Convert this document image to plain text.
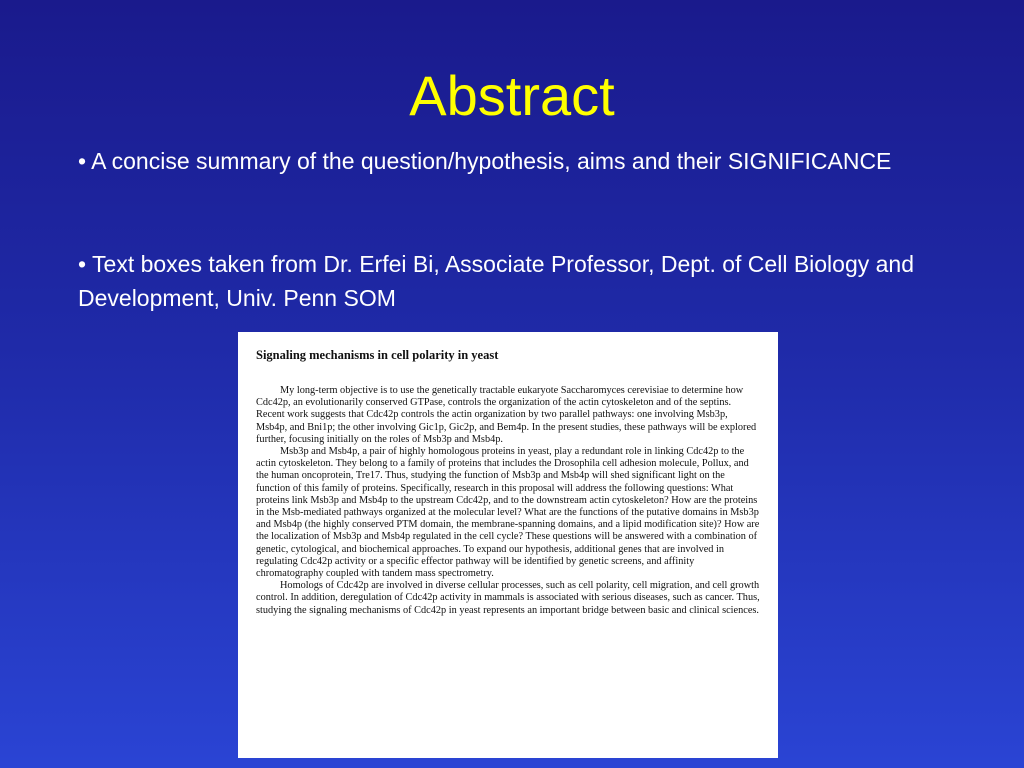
Abstract
• A concise summary of the question/hypothesis, aims and their SIGNIFICANCE
• Text boxes taken from Dr. Erfei Bi, Associate Professor, Dept. of Cell Biology and Development, Univ. Penn SOM
Signaling mechanisms in cell polarity in yeast

My long-term objective is to use the genetically tractable eukaryote Saccharomyces cerevisiae to determine how Cdc42p, an evolutionarily conserved GTPase, controls the organization of the actin cytoskeleton and of the septins. Recent work suggests that Cdc42p controls the actin organization by two parallel pathways: one involving Msb3p, Msb4p, and Bni1p; the other involving Gic1p, Gic2p, and Bem4p. In the present studies, these pathways will be explored further, focusing initially on the roles of Msb3p and Msb4p.

Msb3p and Msb4p, a pair of highly homologous proteins in yeast, play a redundant role in linking Cdc42p to the actin cytoskeleton. They belong to a family of proteins that includes the Drosophila cell adhesion molecule, Pollux, and the human oncoprotein, Tre17. Thus, studying the function of Msb3p and Msb4p will shed significant light on the function of this family of proteins. Specifically, research in this proposal will address the following questions: What proteins link Msb3p and Msb4p to the upstream Cdc42p, and to the downstream actin cytoskeleton? How are the proteins in the Msb-mediated pathways organized at the molecular level? What are the functions of the putative domains in Msb3p and Msb4p (the highly conserved PTM domain, the membrane-spanning domains, and a lipid modification site)? How are the localization of Msb3p and Msb4p regulated in the cell cycle? These questions will be answered with a combination of genetic, cytological, and biochemical approaches. To expand our hypothesis, additional genes that are involved in regulating Cdc42p activity or a specific effector pathway will be identified by genetic screens, and affinity chromatography coupled with tandem mass spectrometry.

Homologs of Cdc42p are involved in diverse cellular processes, such as cell polarity, cell migration, and cell growth control. In addition, deregulation of Cdc42p activity in mammals is associated with serious diseases, such as cancer. Thus, studying the signaling mechanisms of Cdc42p in yeast represents an important bridge between basic and clinical sciences.
